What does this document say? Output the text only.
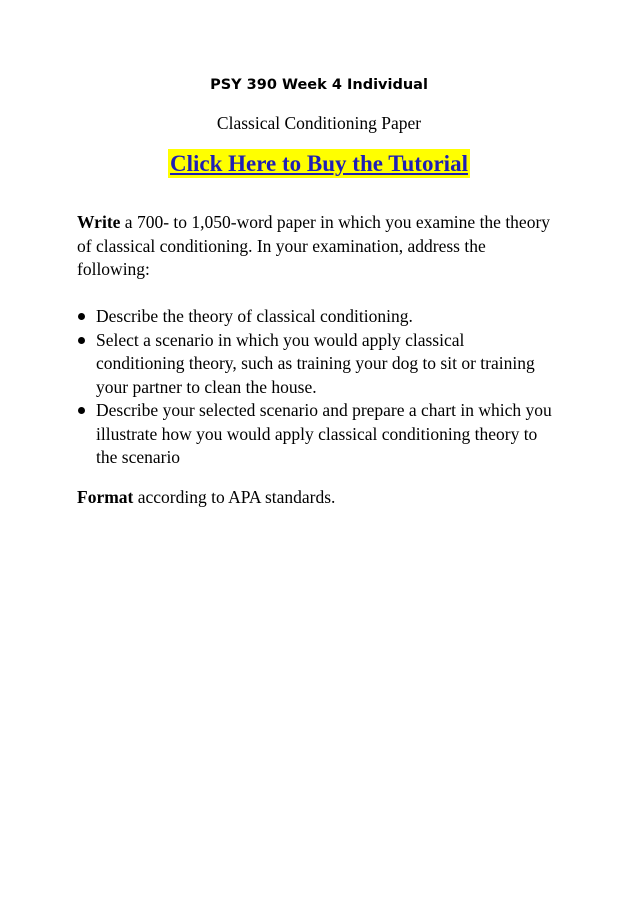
PSY 390 Week 4 Individual
Classical Conditioning Paper
Click Here to Buy the Tutorial
Write a 700- to 1,050-word paper in which you examine the theory of classical conditioning. In your examination, address the following:
Describe the theory of classical conditioning.
Select a scenario in which you would apply classical conditioning theory, such as training your dog to sit or training your partner to clean the house.
Describe your selected scenario and prepare a chart in which you illustrate how you would apply classical conditioning theory to the scenario
Format according to APA standards.
